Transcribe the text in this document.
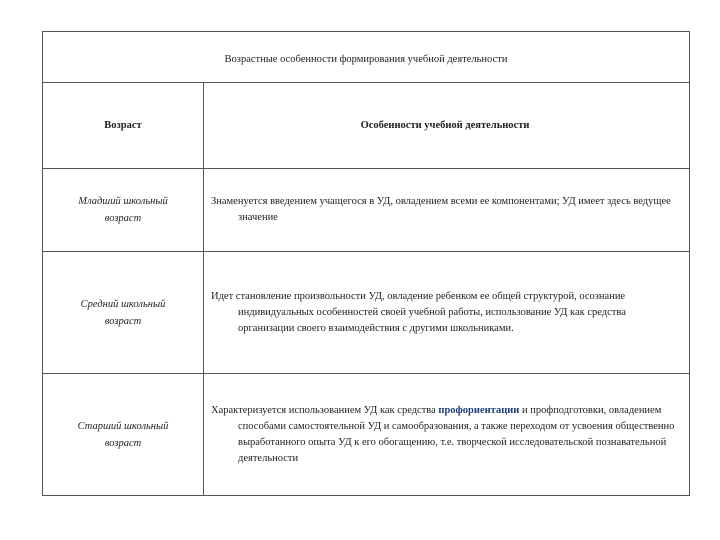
Возрастные особенности формирования учебной деятельности
Возраст	Особенности учебной деятельности
Младший школьный
возраст

Знаменуется введением учащегося в УД, овладением всеми ее компонентами; УД имеет здесь ведущее значение

Средний школьный
возраст

Идет становление произвольности УД, овладение ребенком ее общей структурой, осознание индивидуальных особенностей своей учебной работы, использование УД как средства организации своего взаимодействия с другими школьниками.

Старший школьный
возраст

Характеризуется использованием УД как средства профориентации и профподготовки, овладением способами самостоятельной УД и самообразования, а также переходом от усвоения общественно выработанного опыта УД к его обогащению, т.е. творческой исследовательской познавательной деятельности
